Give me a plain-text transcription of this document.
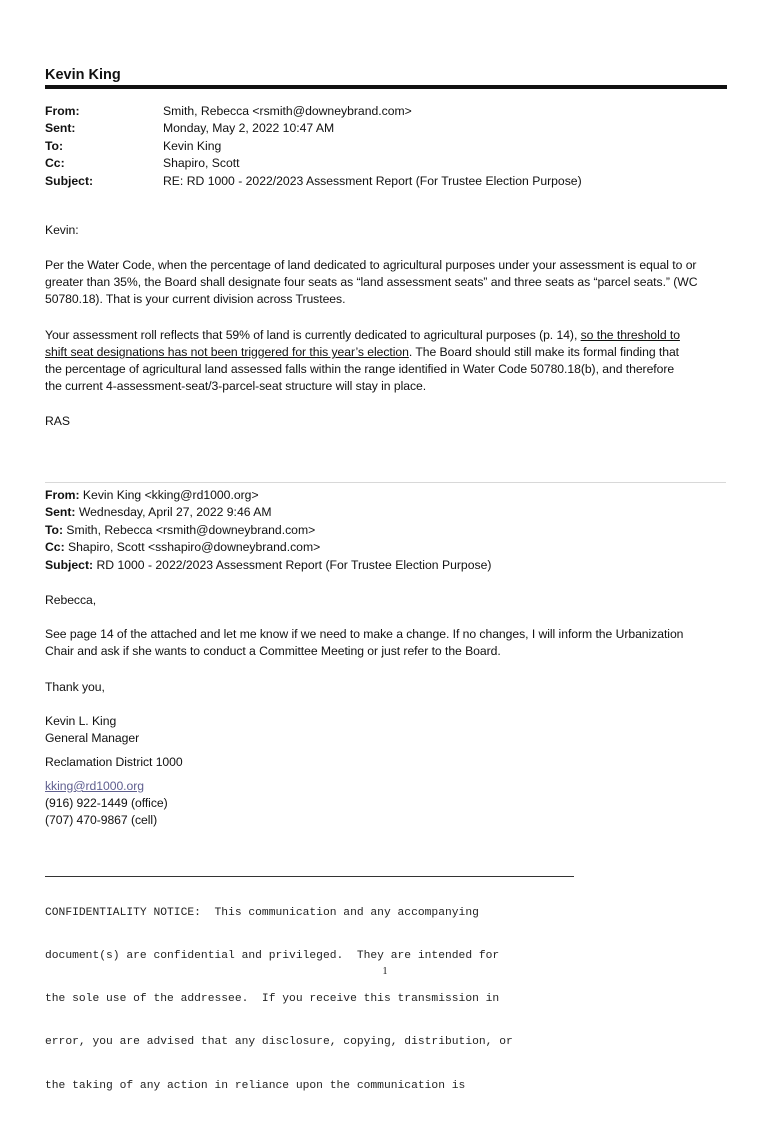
Kevin King
From:	Smith, Rebecca <rsmith@downeybrand.com>
Sent:	Monday, May 2, 2022 10:47 AM
To:	Kevin King
Cc:	Shapiro, Scott
Subject:	RE: RD 1000 - 2022/2023 Assessment Report (For Trustee Election Purpose)
Kevin:
Per the Water Code, when the percentage of land dedicated to agricultural purposes under your assessment is equal to or
greater than 35%, the Board shall designate four seats as “land assessment seats” and three seats as “parcel seats.” (WC
50780.18). That is your current division across Trustees.
Your assessment roll reflects that 59% of land is currently dedicated to agricultural purposes (p. 14), so the threshold to
shift seat designations has not been triggered for this year’s election. The Board should still make its formal finding that
the percentage of agricultural land assessed falls within the range identified in Water Code 50780.18(b), and therefore
the current 4-assessment-seat/3-parcel-seat structure will stay in place.
RAS
From: Kevin King <kking@rd1000.org>
Sent: Wednesday, April 27, 2022 9:46 AM
To: Smith, Rebecca <rsmith@downeybrand.com>
Cc: Shapiro, Scott <sshapiro@downeybrand.com>
Subject: RD 1000 - 2022/2023 Assessment Report (For Trustee Election Purpose)
Rebecca,
See page 14 of the attached and let me know if we need to make a change. If no changes, I will inform the Urbanization
Chair and ask if she wants to conduct a Committee Meeting or just refer to the Board.
Thank you,
Kevin L. King
General Manager
Reclamation District 1000
kking@rd1000.org
(916) 922-1449 (office)
(707) 470-9867 (cell)

CONFIDENTIALITY NOTICE:  This communication and any accompanying

document(s) are confidential and privileged.  They are intended for

the sole use of the addressee.  If you receive this transmission in

error, you are advised that any disclosure, copying, distribution, or

the taking of any action in reliance upon the communication is

1
